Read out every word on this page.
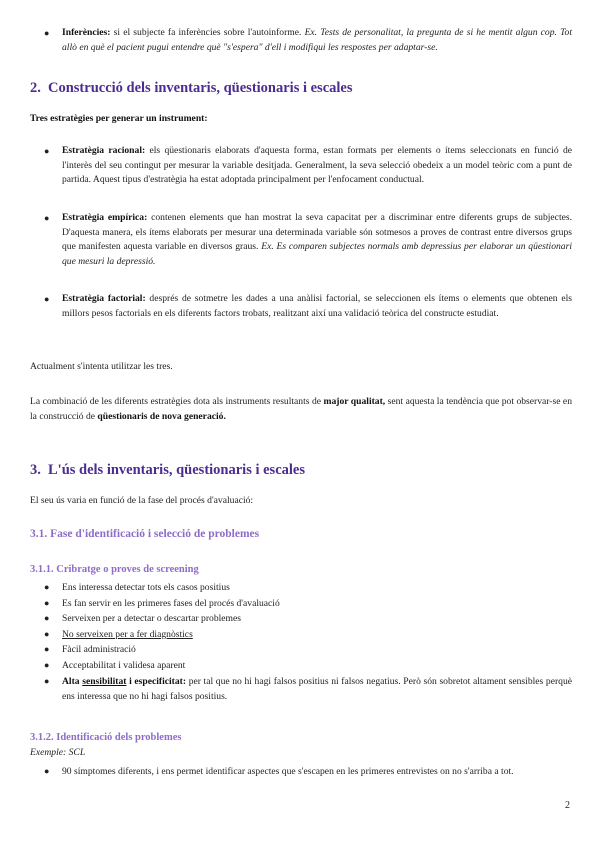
● Inferències: si el subjecte fa inferències sobre l'autoinforme. Ex. Tests de personalitat, la pregunta de si he mentit algun cop. Tot allò en què el pacient pugui entendre què "s'espera" d'ell i modifiqui les respostes per adaptar-se.

2. Construcció dels inventaris, qüestionaris i escales

Tres estratègies per generar un instrument:

● Estratègia racional: els qüestionaris elaborats d'aquesta forma, estan formats per elements o ítems seleccionats en funció de l'interès del seu contingut per mesurar la variable desitjada. Generalment, la seva selecció obedeix a un model teòric com a punt de partida. Aquest tipus d'estratègia ha estat adoptada principalment per l'enfocament conductual.

● Estratègia empírica: contenen elements que han mostrat la seva capacitat per a discriminar entre diferents grups de subjectes. D'aquesta manera, els ítems elaborats per mesurar una determinada variable són sotmesos a proves de contrast entre diversos grups que manifesten aquesta variable en diversos graus. Ex. Es comparen subjectes normals amb depressius per elaborar un qüestionari que mesuri la depressió.

● Estratègia factorial: després de sotmetre les dades a una anàlisi factorial, se seleccionen els ítems o elements que obtenen els millors pesos factorials en els diferents factors trobats, realitzant així una validació teòrica del constructe estudiat.

Actualment s'intenta utilitzar les tres.

La combinació de les diferents estratègies dota als instruments resultants de major qualitat, sent aquesta la tendència que pot observar-se en la construcció de qüestionaris de nova generació.

3. L'ús dels inventaris, qüestionaris i escales

El seu ús varia en funció de la fase del procés d'avaluació:

3.1. Fase d'identificació i selecció de problemes
3.1.1. Cribratge o proves de screening
● Ens interessa detectar tots els casos positius
● Es fan servir en les primeres fases del procés d'avaluació
● Serveixen per a detectar o descartar problemes
● No serveixen per a fer diagnòstics
● Fàcil administració
● Acceptabilitat i validesa aparent
● Alta sensibilitat i especificitat: per tal que no hi hagi falsos positius ni falsos negatius. Però són sobretot altament sensibles perquè ens interessa que no hi hagi falsos positius.
3.1.2. Identificació dels problemes

Exemple: SCL

● 90 símptomes diferents, i ens permet identificar aspectes que s'escapen en les primeres entrevistes on no s'arriba a tot.
2
